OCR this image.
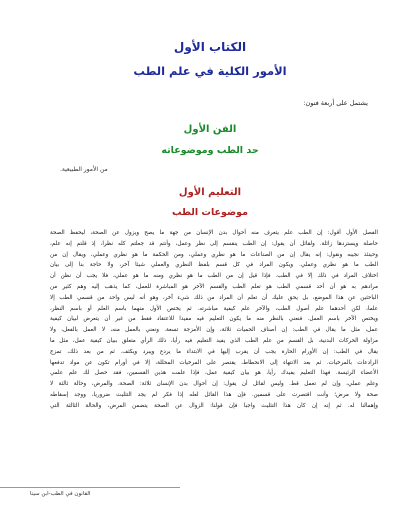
الكتاب الأول
الأمور الكلية في علم الطب
يشتمل على أربعة فنون:
الفن الأول
حد الطب وموضوعاته
من الأمور الطبيعية.
التعليم الأول
موضوعات الطب
الفصل الأول أقول: إن الطب علم يتعرف منه أحوال بدن الإنسان من جهة ما يصح ويزول عن الصحة، ليحفظ الصحة
حاصلة ويستردها زائلة. ولقائل أن يقول: إن الطب ينقسم إلى نظر وعمل، وأنتم قد جعلتم كله نظرا، إذ قلتم إنه علم،
وحينئذ نجيبه ونقول: إنه يقال إن من الصناعات ما هو نظري وعملي، ومن الحكمة ما هو نظري وعملي، ويقال إن من
الطب ما هو نظري وعملي. ويكون المراد في كل قسم بلفظ النظري والعملي شيئا آخر، ولا حاجة بنا إلى بيان
اختلاف المراد في ذلك إلا في الطب. فإذا قيل إن من الطب ما هو نظري ومنه ما هو عملي، فلا يجب أن نظن أن
مرادهم به هو أن أحد قسمي الطب هو تعلم الطب والقسم الآخر هو المباشرة للعمل، كما يذهب إليه وهم كثير من
الباحثين عن هذا الموضع، بل يحق عليك أن تعلم أن المراد من ذلك شيء آخر، وهو أنه ليس واحد من قسمي الطب إلا
علما، لكن أحدهما علم أصول الطب، والآخر علم كيفية مباشرته. ثم يختص الأول منهما باسم العلم أو باسم النظر،
ويختص الآخر باسم العمل. فنعني بالنظر منه ما يكون التعليم فيه مفيدا للاعتقاد فقط من غير أن يتعرض لبيان كيفية
عمل، مثل ما يقال في الطب: إن أصناف الحميات ثلاثة، وإن الأمزجة تسعة. ونعني بالعمل منه، لا العمل بالفعل، ولا
مزاولة الحركات البدنية، بل القسم من علم الطب الذي يفيد التعليم فيه رأيا، ذلك الرأي متعلق ببيان كيفية عمل، مثل ما
يقال في الطب: إن الأورام الحارة يجب أن يقرب إليها في الابتداء ما يردع ويبرد ويكثف. ثم من بعد ذلك، تمزج
الرادعات بالمرخيات. ثم بعد الانتهاء إلى الانحطاط، يقتصر على المرخيات المحللة، إلا في أورام تكون عن مواد تدفعها
الأعضاء الرئيسة. فهذا التعليم يفيدك رأيا، هو بيان كيفية عمل، فإذا علمت هذين القسمين، فقد حصل لك علم علمي
وعلم عملي، وإن لم تعمل قط. وليس لقائل أن يقول: إن أحوال بدن الإنسان ثلاثة: الصحة، والمرض، وحالة ثالثة لا
صحة ولا مرض؛ وأنت اقتصرت على قسمين. فإن هذا القائل لعله إذا فكر لم يجد التثليث ضروريا، ووجد إسقاطه
وإهمالنا له. ثم إنه إن كان هذا التثليث واجبا فإن قولنا: الزوال عن الصحة يتضمن المرض، والحالة الثالثة التي
القانون في الطب-ابن سينا
